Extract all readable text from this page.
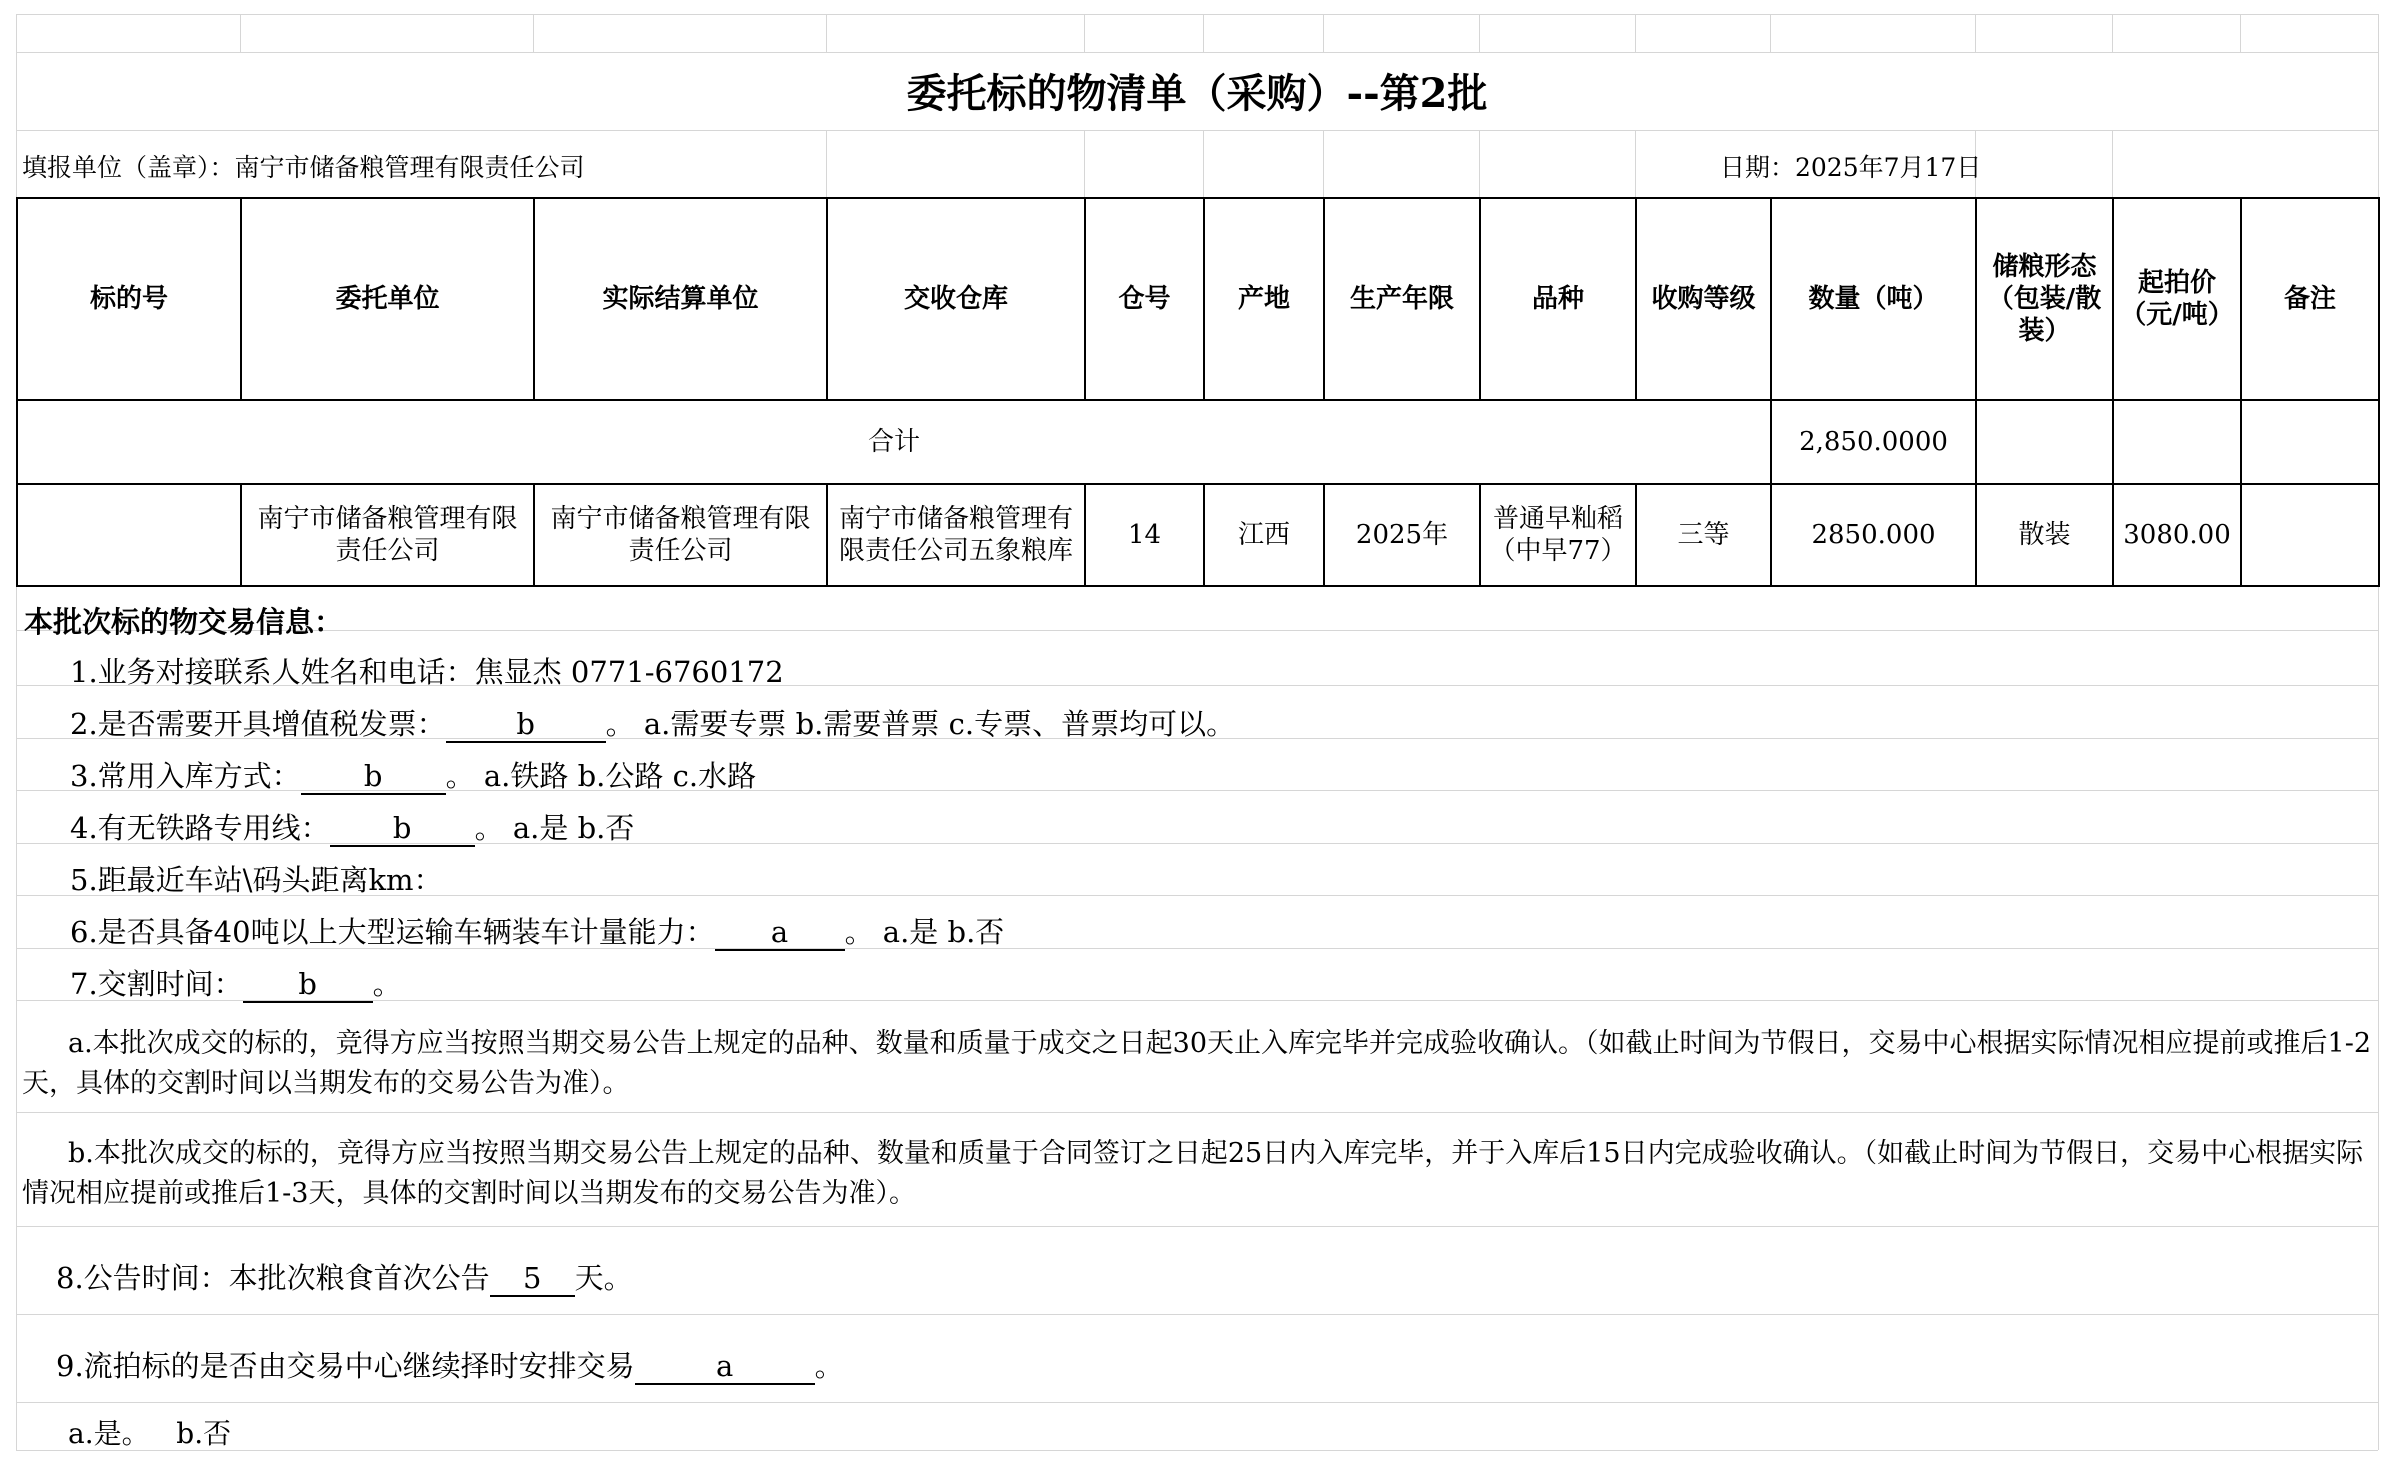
委托标的物清单（采购）--第2批
填报单位（盖章）：南宁市储备粮管理有限责任公司	日期：2025年7月17日
标的号	委托单位	实际结算单位	交收仓库	仓号	产地	生产年限	品种	收购等级	数量（吨）	储粮形态（包装/散装）	起拍价（元/吨）	备注
合计									2,850.0000			
	南宁市储备粮管理有限责任公司	南宁市储备粮管理有限责任公司	南宁市储备粮管理有限责任公司五象粮库	14	江西	2025年	普通早籼稻（中早77）	三等	2850.000	散装	3080.00	
本批次标的物交易信息：
1.业务对接联系人姓名和电话：焦显杰 0771-6760172
2.是否需要开具增值税发票： b 。 a.需要专票 b.需要普票 c.专票、普票均可以。
3.常用入库方式： b 。 a.铁路 b.公路 c.水路
4.有无铁路专用线： b 。 a.是 b.否
5.距最近车站\码头距离km：
6.是否具备40吨以上大型运输车辆装车计量能力： a 。 a.是 b.否
7.交割时间： b 。
a.本批次成交的标的，竞得方应当按照当期交易公告上规定的品种、数量和质量于成交之日起30天止入库完毕并完成验收确认。（如截止时间为节假日，交易中心根据实际情况相应提前或推后1-2天，具体的交割时间以当期发布的交易公告为准）。
b.本批次成交的标的，竞得方应当按照当期交易公告上规定的品种、数量和质量于合同签订之日起25日内入库完毕，并于入库后15日内完成验收确认。（如截止时间为节假日，交易中心根据实际情况相应提前或推后1-3天，具体的交割时间以当期发布的交易公告为准）。
8.公告时间：本批次粮食首次公告 5 天。
9.流拍标的是否由交易中心继续择时安排交易	a	。
a.是。   b.否
